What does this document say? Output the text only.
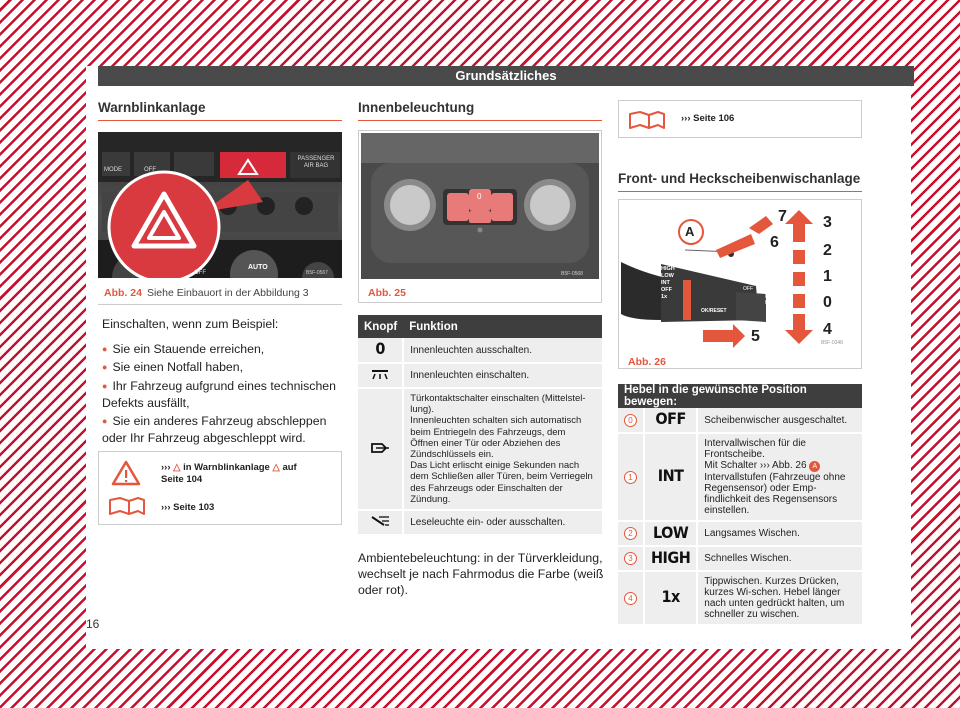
Grundsätzliches
Warnblinkanlage
MODE	OFF
PASSENGER AIR BAG
OFF
AUTO
B5F-0567
Abb. 24 Siehe Einbauort in der Abbildung 3
Einschalten, wenn zum Beispiel:
● Sie ein Stauende erreichen,
● Sie einen Notfall haben,
● Ihr Fahrzeug aufgrund eines technischen Defekts ausfällt,
● Sie ein anderes Fahrzeug abschleppen oder Ihr Fahrzeug abgeschleppt wird.
››› △ in Warnblinkanlage △ auf
Seite 104
››› Seite 103
Innenbeleuchtung
0
B5F-0568
Abb. 25
Knopf	Funktion
0	Innenleuchten ausschalten.
	Innenleuchten einschalten.
	Türkontaktschalter einschalten (Mittelstel-lung).
Innenleuchten schalten sich automatisch beim Entriegeln des Fahrzeugs, dem Öffnen einer Tür oder Abziehen des Zündschlüssels ein.
Das Licht erlischt einige Sekunden nach dem Schließen aller Türen, beim Verriegeln des Fahrzeugs oder Einschalten der Zündung.
	Leseleuchte ein- oder ausschalten.
Ambientebeleuchtung: in der Türverkleidung, wechselt je nach Fahrmodus die Farbe (weiß oder rot).
››› Seite 106
Front- und Heckscheibenwischanlage
A
7
6
3
2
1
0
4
5
HIGH
LOW
INT
OFF
1x
OFF
OK/RESET
T R I P
B5F-0348
Abb. 26
Hebel in die gewünschte Position bewegen:		
0	OFF	Scheibenwischer ausgeschaltet.
1	INT	Intervallwischen für die Frontscheibe.
Mit Schalter ››› Abb. 26 A Intervallstufen (Fahrzeuge ohne Regensensor) oder Emp-findlichkeit des Regensensors einstellen.
2	LOW	Langsames Wischen.
3	HIGH	Schnelles Wischen.
4	1x	Tippwischen. Kurzes Drücken, kurzes Wi-schen. Hebel länger nach unten gedrückt halten, um schneller zu wischen.
16
